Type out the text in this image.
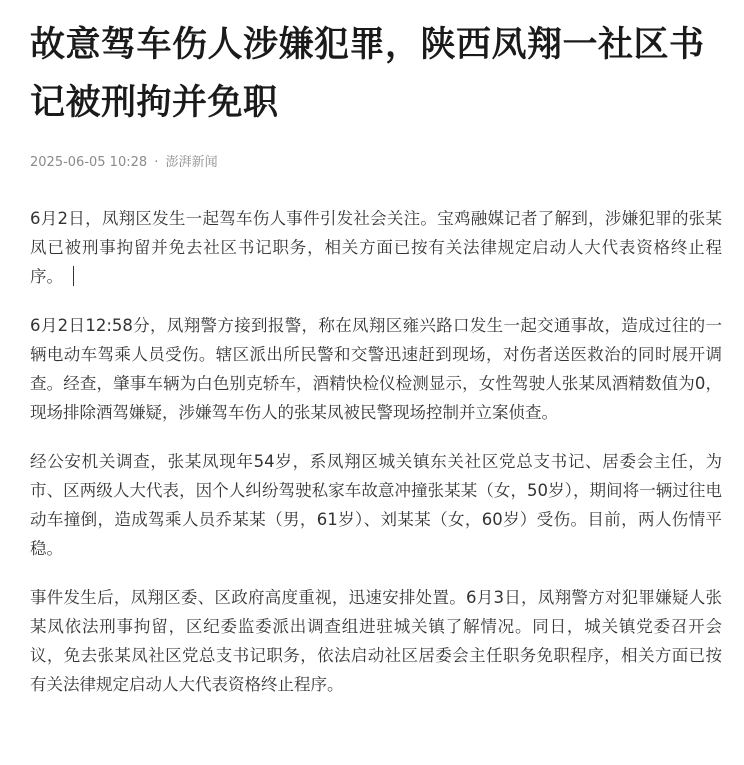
故意驾车伤人涉嫌犯罪，陕西凤翔一社区书记被刑拘并免职
2025-06-05 10:28 · 澎湃新闻

6月2日，凤翔区发生一起驾车伤人事件引发社会关注。宝鸡融媒记者了解到，涉嫌犯罪的张某凤已被刑事拘留并免去社区书记职务，相关方面已按有关法律规定启动人大代表资格终止程序。

6月2日12:58分，凤翔警方接到报警，称在凤翔区雍兴路口发生一起交通事故，造成过往的一辆电动车驾乘人员受伤。辖区派出所民警和交警迅速赶到现场，对伤者送医救治的同时展开调查。经查，肇事车辆为白色别克轿车，酒精快检仪检测显示，女性驾驶人张某凤酒精数值为0，现场排除酒驾嫌疑，涉嫌驾车伤人的张某凤被民警现场控制并立案侦查。

经公安机关调查，张某凤现年54岁，系凤翔区城关镇东关社区党总支书记、居委会主任，为市、区两级人大代表，因个人纠纷驾驶私家车故意冲撞张某某（女，50岁），期间将一辆过往电动车撞倒，造成驾乘人员乔某某（男，61岁）、刘某某（女，60岁）受伤。目前，两人伤情平稳。

事件发生后，凤翔区委、区政府高度重视，迅速安排处置。6月3日，凤翔警方对犯罪嫌疑人张某凤依法刑事拘留，区纪委监委派出调查组进驻城关镇了解情况。同日，城关镇党委召开会议，免去张某凤社区党总支书记职务，依法启动社区居委会主任职务免职程序，相关方面已按有关法律规定启动人大代表资格终止程序。
